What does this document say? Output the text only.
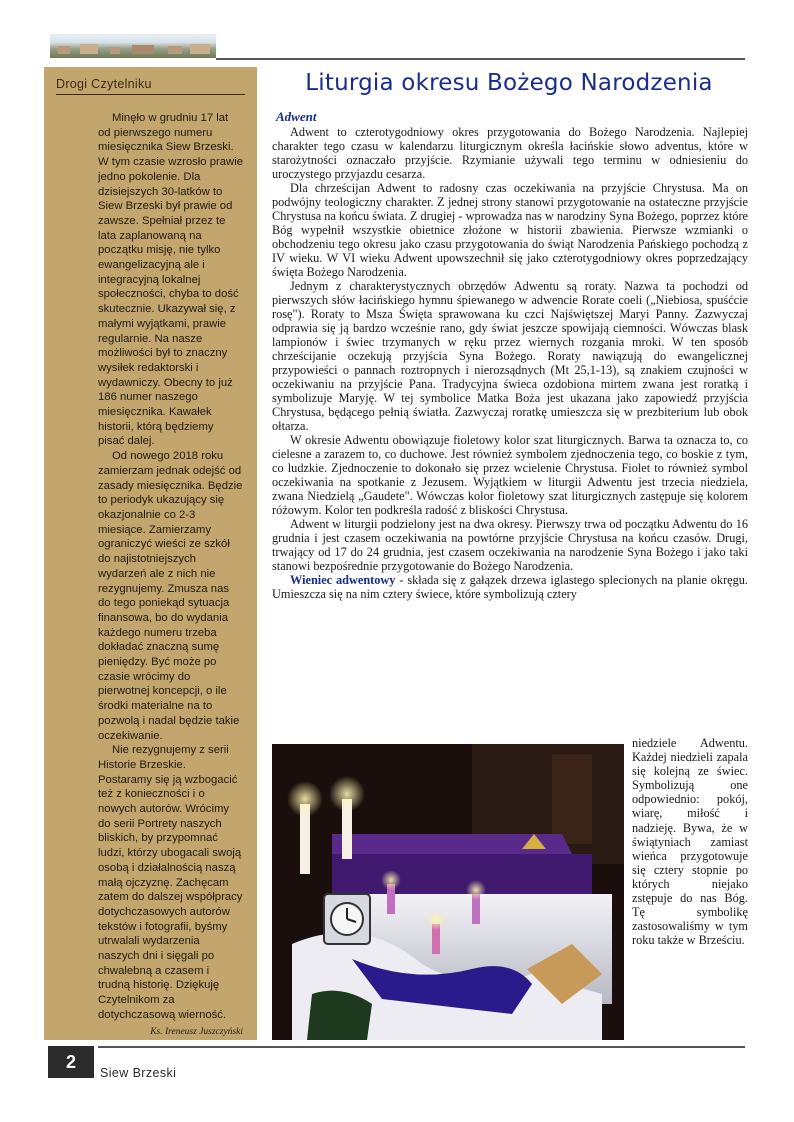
Drogi Czytelniku

Minęło w grudniu 17 lat od pierwszego numeru miesięcznika Siew Brzeski. W tym czasie wzrosło prawie jedno pokolenie. Dla dzisiejszych 30-latków to Siew Brzeski był prawie od zawsze. Spełniał przez te lata zaplanowaną na początku misję, nie tylko ewangelizacyjną ale i integracyjną lokalnej społeczności, chyba to dość skutecznie. Ukazywał się, z małymi wyjątkami, prawie regularnie. Na nasze możliwości był to znaczny wysiłek redaktorski i wydawniczy. Obecny to już 186 numer naszego miesięcznika. Kawałek historii, którą będziemy pisać dalej.

Od nowego 2018 roku zamierzam jednak odejść od zasady miesięcznika. Będzie to periodyk ukazujący się okazjonalnie co 2-3 miesiące. Zamierzamy ograniczyć wieści ze szkół do najistotniejszych wydarzeń ale z nich nie rezygnujemy. Zmusza nas do tego poniekąd sytuacja finansowa, bo do wydania każdego numeru trzeba dokładać znaczną sumę pieniędzy. Być może po czasie wrócimy do pierwotnej koncepcji, o ile środki materialne na to pozwolą i nadal będzie takie oczekiwanie.

Nie rezygnujemy z serii Historie Brzeskie. Postaramy się ją wzbogacić też z konieczności i o nowych autorów. Wrócimy do serii Portrety naszych bliskich, by przypomnać ludzi, którzy ubogacali swoją osobą i działalnością naszą małą ojczyznę. Zachęcam zatem do dalszej współpracy dotychczasowych autorów tekstów i fotografii, byśmy utrwalali wydarzenia naszych dni i sięgali po chwalebną a czasem i trudną historię. Dziękuję Czytelnikom za dotychczasową wierność.

Ks. Ireneusz Juszczyński
Liturgia okresu Bożego Narodzenia
Adwent

Adwent to czterotygodniowy okres przygotowania do Bożego Narodzenia. Najlepiej charakter tego czasu w kalendarzu liturgicznym określa łacińskie słowo adventus, które w starożytności oznaczało przyjście. Rzymianie używali tego terminu w odniesieniu do uroczystego przyjazdu cesarza.

Dla chrześcijan Adwent to radosny czas oczekiwania na przyjście Chrystusa. Ma on podwójny teologiczny charakter. Z jednej strony stanowi przygotowanie na ostateczne przyjście Chrystusa na końcu świata. Z drugiej - wprowadza nas w narodziny Syna Bożego, poprzez które Bóg wypełnił wszystkie obietnice złożone w historii zbawienia. Pierwsze wzmianki o obchodzeniu tego okresu jako czasu przygotowania do świąt Narodzenia Pańskiego pochodzą z IV wieku. W VI wieku Adwent upowszechnił się jako czterotygodniowy okres poprzedzający święta Bożego Narodzenia.

Jednym z charakterystycznych obrzędów Adwentu są roraty. Nazwa ta pochodzi od pierwszych słów łacińskiego hymnu śpiewanego w adwencie Rorate coeli („Niebiosa, spuśćcie rosę"). Roraty to Msza Święta sprawowana ku czci Najświętszej Maryi Panny. Zazwyczaj odprawia się ją bardzo wcześnie rano, gdy świat jeszcze spowijają ciemności. Wówczas blask lampionów i świec trzymanych w ręku przez wiernych rozgania mroki. W ten sposób chrześcijanie oczekują przyjścia Syna Bożego. Roraty nawiązują do ewangelicznej przypowieści o pannach roztropnych i nierozsądnych (Mt 25,1-13), są znakiem czujności w oczekiwaniu na przyjście Pana. Tradycyjna świeca ozdobiona mirtem zwana jest roratką i symbolizuje Maryję. W tej symbolice Matka Boża jest ukazana jako zapowiedź przyjścia Chrystusa, będącego pełnią światła. Zazwyczaj roratkę umieszcza się w prezbiterium lub obok ołtarza.

W okresie Adwentu obowiązuje fioletowy kolor szat liturgicznych. Barwa ta oznacza to, co cielesne a zarazem to, co duchowe. Jest również symbolem zjednoczenia tego, co boskie z tym, co ludzkie. Zjednoczenie to dokonało się przez wcielenie Chrystusa. Fiolet to również symbol oczekiwania na spotkanie z Jezusem. Wyjątkiem w liturgii Adwentu jest trzecia niedziela, zwana Niedzielą „Gaudete". Wówczas kolor fioletowy szat liturgicznych zastępuje się kolorem różowym. Kolor ten podkreśla radość z bliskości Chrystusa.

Adwent w liturgii podzielony jest na dwa okresy. Pierwszy trwa od początku Adwentu do 16 grudnia i jest czasem oczekiwania na powtórne przyjście Chrystusa na końcu czasów. Drugi, trwający od 17 do 24 grudnia, jest czasem oczekiwania na narodzenie Syna Bożego i jako taki stanowi bezpośrednie przygotowanie do Bożego Narodzenia.

Wieniec adwentowy - składa się z gałązek drzewa iglastego splecionych na planie okręgu. Umieszcza się na nim cztery świece, które symbolizują cztery

niedziele Adwentu. Każdej niedzieli zapala się kolejną ze świec. Symbolizują one odpowiednio: pokój, wiarę, miłość i nadzieję. Bywa, że w świątyniach zamiast wieńca przygotowuje się cztery stopnie po których niejako zstępuje do nas Bóg. Tę symbolikę zastosowaliśmy w tym roku także w Brześciu.

2
Siew Brzeski
